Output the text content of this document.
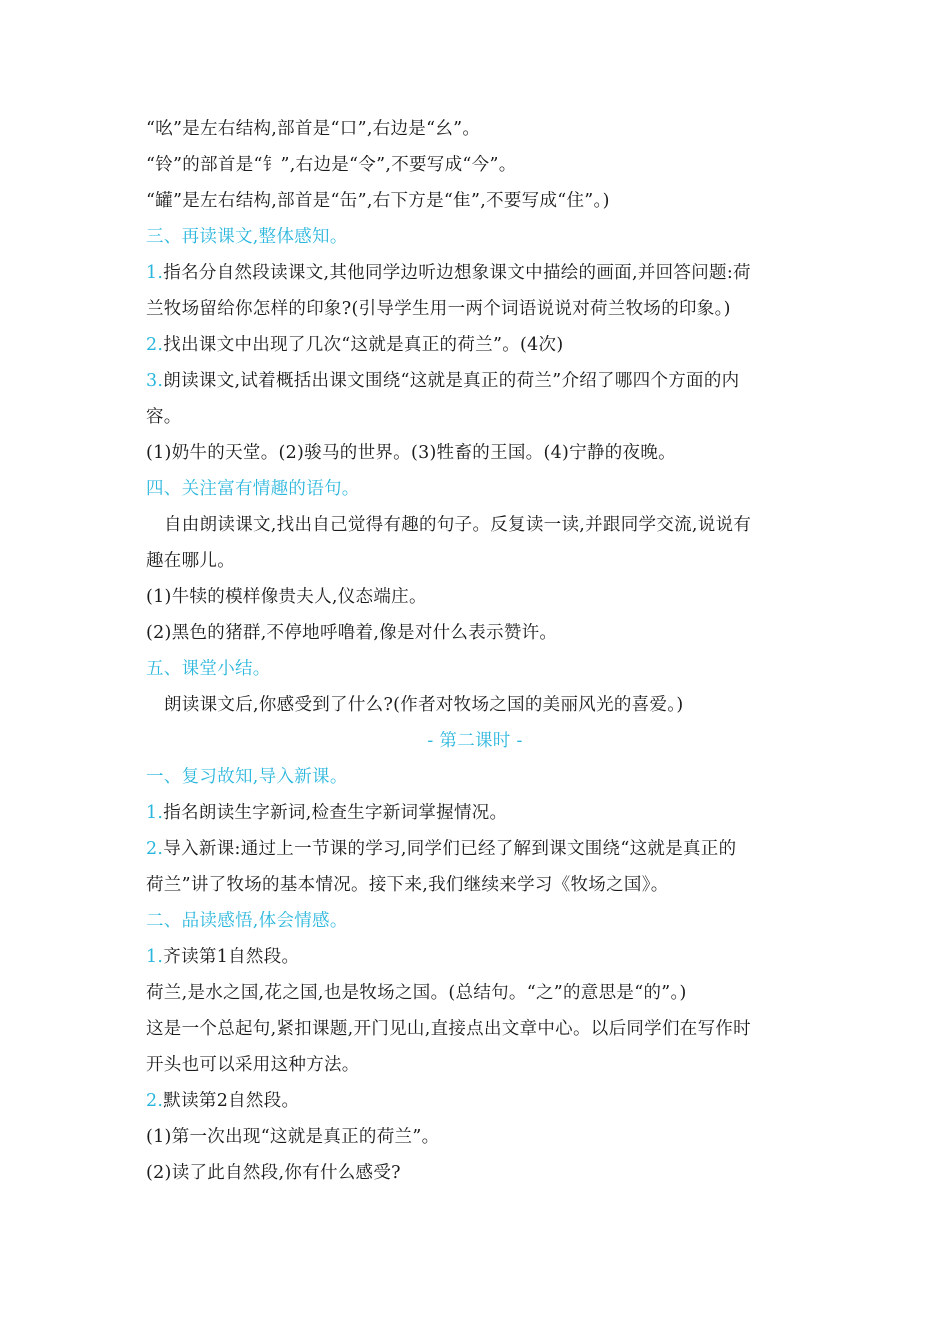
“吆”是左右结构,部首是“口”,右边是“幺”。
“铃”的部首是“钅”,右边是“令”,不要写成“今”。
“罐”是左右结构,部首是“缶”,右下方是“隹”,不要写成“住”。)
三、再读课文,整体感知。
1.指名分自然段读课文,其他同学边听边想象课文中描绘的画面,并回答问题:荷
兰牧场留给你怎样的印象?(引导学生用一两个词语说说对荷兰牧场的印象。)
2.找出课文中出现了几次“这就是真正的荷兰”。(4次)
3.朗读课文,试着概括出课文围绕“这就是真正的荷兰”介绍了哪四个方面的内
容。
(1)奶牛的天堂。(2)骏马的世界。(3)牲畜的王国。(4)宁静的夜晚。
四、关注富有情趣的语句。
自由朗读课文,找出自己觉得有趣的句子。反复读一读,并跟同学交流,说说有
趣在哪儿。
(1)牛犊的模样像贵夫人,仪态端庄。
(2)黑色的猪群,不停地呼噜着,像是对什么表示赞许。
五、课堂小结。
朗读课文后,你感受到了什么?(作者对牧场之国的美丽风光的喜爱。)
- 第二课时 -
一、复习故知,导入新课。
1.指名朗读生字新词,检查生字新词掌握情况。
2.导入新课:通过上一节课的学习,同学们已经了解到课文围绕“这就是真正的
荷兰”讲了牧场的基本情况。接下来,我们继续来学习《牧场之国》。
二、品读感悟,体会情感。
1.齐读第1自然段。
荷兰,是水之国,花之国,也是牧场之国。(总结句。“之”的意思是“的”。)
这是一个总起句,紧扣课题,开门见山,直接点出文章中心。以后同学们在写作时
开头也可以采用这种方法。
2.默读第2自然段。
(1)第一次出现“这就是真正的荷兰”。
(2)读了此自然段,你有什么感受?
